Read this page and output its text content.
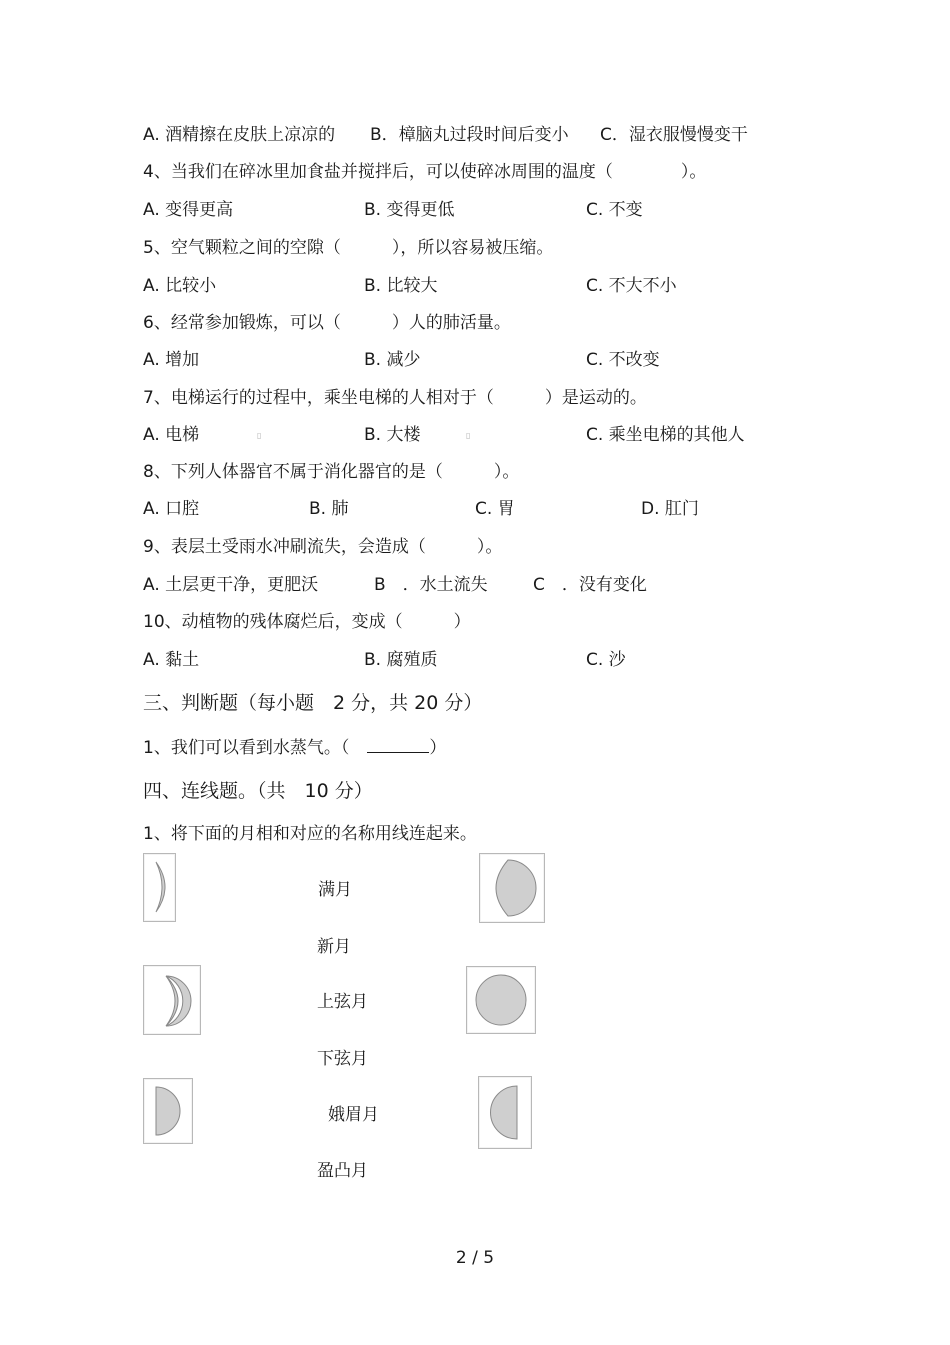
A. 酒精擦在皮肤上凉凉的 B．樟脑丸过段时间后变小 C．湿衣服慢慢变干
4、当我们在碎冰里加食盐并搅拌后，可以使碎冰周围的温度（　　　　）。
A. 变得更高	B. 变得更低	C. 不变
5、空气颗粒之间的空隙（　　　），所以容易被压缩。
A. 比较小	B. 比较大	C. 不大不小
6、经常参加锻炼，可以（　　　）人的肺活量。
A. 增加	B. 减少	C. 不改变
7、电梯运行的过程中，乘坐电梯的人相对于（　　　）是运动的。
A. 电梯	▯	B. 大楼	▯	C. 乘坐电梯的其他人
8、下列人体器官不属于消化器官的是（　　　）。
A. 口腔	B. 肺	C. 胃	D. 肛门
9、表层土受雨水冲刷流失，会造成（　　　）。
A. 土层更干净，更肥沃	B　．水土流失	C　．没有变化
10、动植物的残体腐烂后，变成（　　　）
A. 黏土	B. 腐殖质	C. 沙
三、判断题（每小题　2 分，共 20 分）
1、我们可以看到水蒸气。（	）
四、连线题。（共　10 分）
1、将下面的月相和对应的名称用线连起来。
满月
新月
上弦月
下弦月
娥眉月
盈凸月
2 / 5
